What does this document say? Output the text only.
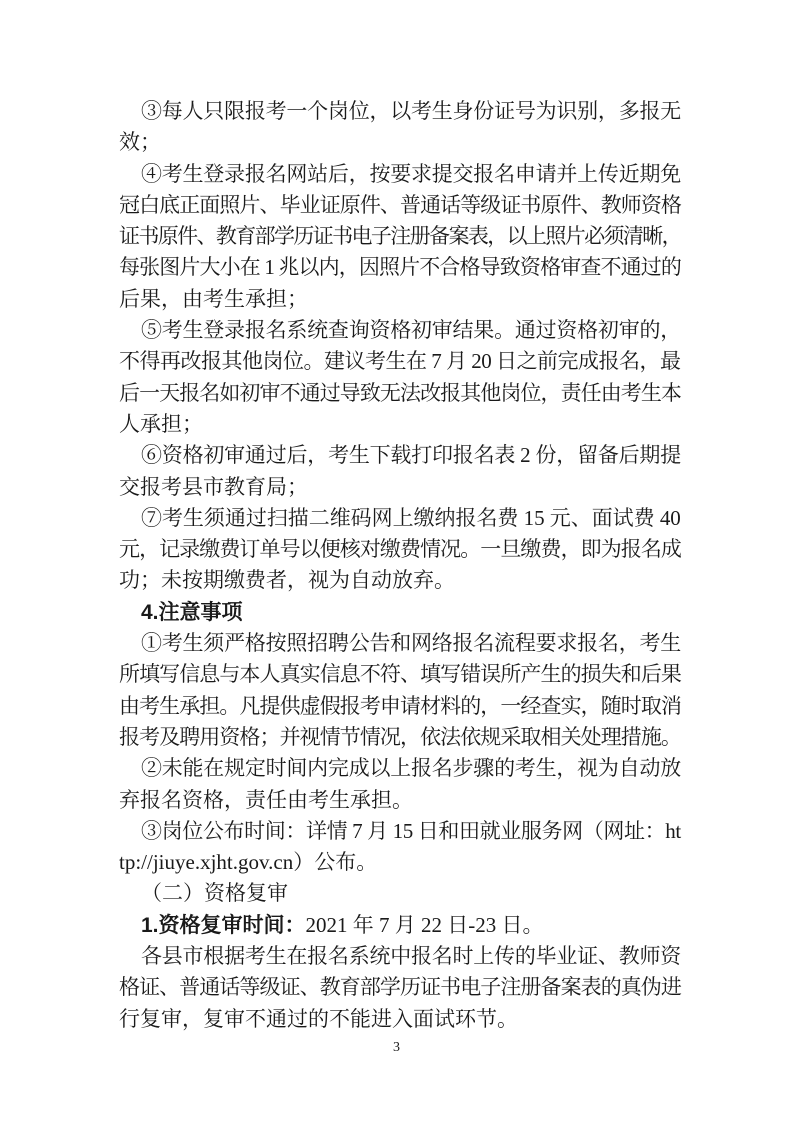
③每人只限报考一个岗位，以考生身份证号为识别，多报无
效；
④考生登录报名网站后，按要求提交报名申请并上传近期免
冠白底正面照片、毕业证原件、普通话等级证书原件、教师资格
证书原件、教育部学历证书电子注册备案表，以上照片必须清晰，
每张图片大小在 1 兆以内，因照片不合格导致资格审查不通过的
后果，由考生承担；
⑤考生登录报名系统查询资格初审结果。通过资格初审的，
不得再改报其他岗位。建议考生在 7 月 20 日之前完成报名，最
后一天报名如初审不通过导致无法改报其他岗位，责任由考生本
人承担；
⑥资格初审通过后，考生下载打印报名表 2 份，留备后期提
交报考县市教育局；
⑦考生须通过扫描二维码网上缴纳报名费 15 元、面试费 40
元，记录缴费订单号以便核对缴费情况。一旦缴费，即为报名成
功；未按期缴费者，视为自动放弃。
4.注意事项
①考生须严格按照招聘公告和网络报名流程要求报名，考生
所填写信息与本人真实信息不符、填写错误所产生的损失和后果
由考生承担。凡提供虚假报考申请材料的，一经查实，随时取消
报考及聘用资格；并视情节情况，依法依规采取相关处理措施。
②未能在规定时间内完成以上报名步骤的考生，视为自动放
弃报名资格，责任由考生承担。
③岗位公布时间：详情 7 月 15 日和田就业服务网（网址：ht
tp://jiuye.xjht.gov.cn）公布。
（二）资格复审
1.资格复审时间：2021 年 7 月 22 日-23 日。
各县市根据考生在报名系统中报名时上传的毕业证、教师资
格证、普通话等级证、教育部学历证书电子注册备案表的真伪进
行复审，复审不通过的不能进入面试环节。
3
